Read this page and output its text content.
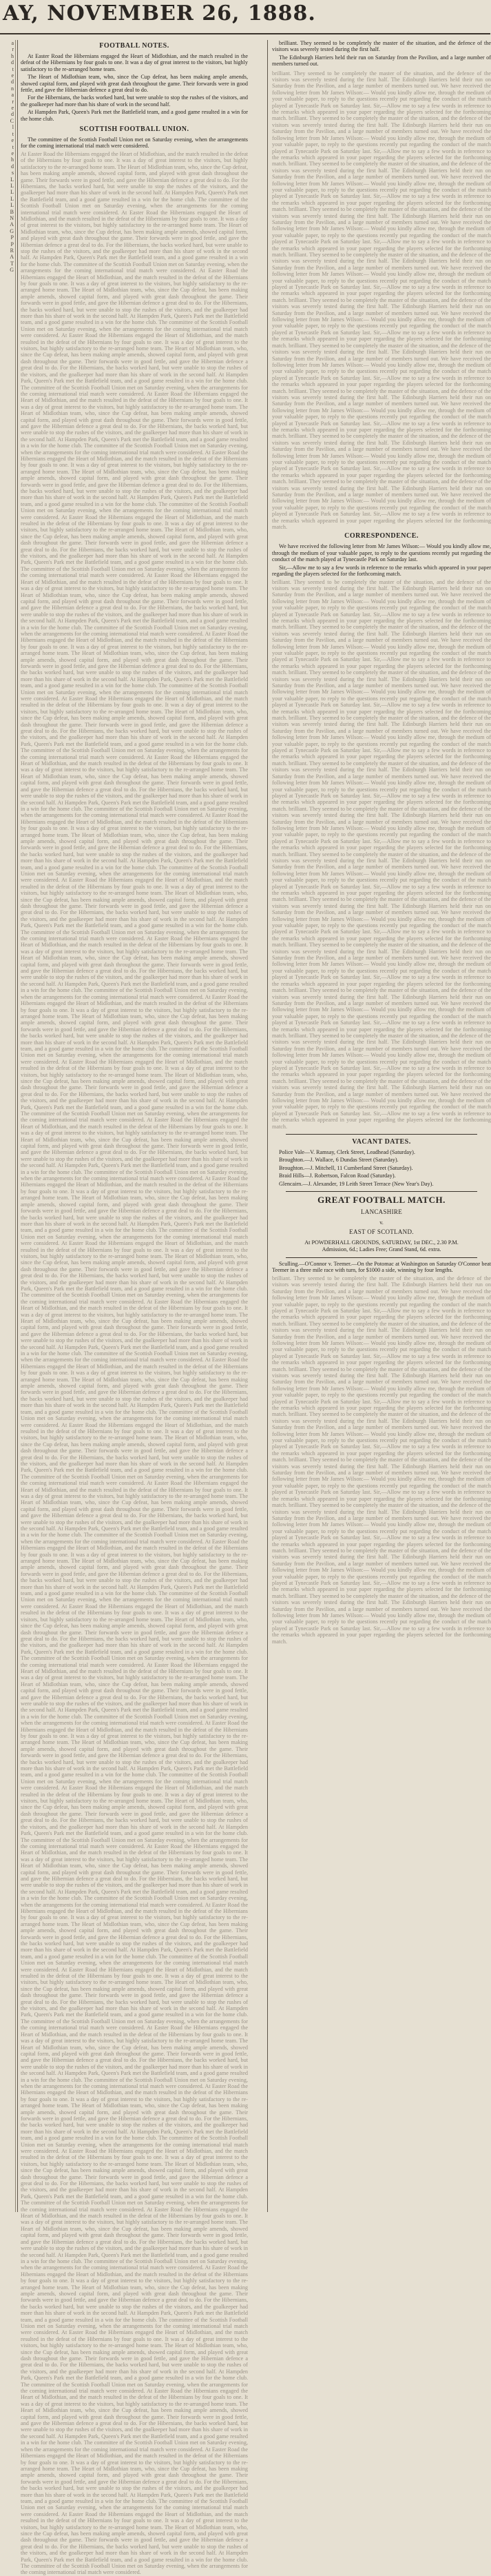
AY, NOVEMBER 26, 1888.
a
r
h
d
t
e
d
n
a
r
e
d
C
l
t
e
t
e
h
d
s
L
L
L
L
L
B
N
A
G
P
P
R
A
T
G
FOOTBALL NOTES.

At Easter Road the Hibernians engaged the Heart of Midlothian, and the match resulted in the defeat of the Hibernians by four goals to one. It was a day of great interest to the visitors, but highly satisfactory to the re-arranged home team.

The Heart of Midlothian team, who, since the Cup defeat, has been making ample amends, showed capital form, and played with great dash throughout the game. Their forwards were in good fettle, and gave the Hibernian defence a great deal to do.

For the Hibernians, the backs worked hard, but were unable to stop the rushes of the visitors, and the goalkeeper had more than his share of work in the second half.

At Hampden Park, Queen's Park met the Battlefield team, and a good game resulted in a win for the home club.

SCOTTISH FOOTBALL UNION.

The committee of the Scottish Football Union met on Saturday evening, when the arrangements for the coming international trial match were considered.

At Easter Road the Hibernians engaged the Heart of Midlothian, and the match resulted in the defeat of the Hibernians by four goals to one. It was a day of great interest to the visitors, but highly satisfactory to the re-arranged home team. The Heart of Midlothian team, who, since the Cup defeat, has been making ample amends, showed capital form, and played with great dash throughout the game. Their forwards were in good fettle, and gave the Hibernian defence a great deal to do. For the Hibernians, the backs worked hard, but were unable to stop the rushes of the visitors, and the goalkeeper had more than his share of work in the second half. At Hampden Park, Queen's Park met the Battlefield team, and a good game resulted in a win for the home club. The committee of the Scottish Football Union met on Saturday evening, when the arrangements for the coming international trial match were considered. At Easter Road the Hibernians engaged the Heart of Midlothian, and the match resulted in the defeat of the Hibernians by four goals to one. It was a day of great interest to the visitors, but highly satisfactory to the re-arranged home team. The Heart of Midlothian team, who, since the Cup defeat, has been making ample amends, showed capital form, and played with great dash throughout the game. Their forwards were in good fettle, and gave the Hibernian defence a great deal to do. For the Hibernians, the backs worked hard, but were unable to stop the rushes of the visitors, and the goalkeeper had more than his share of work in the second half. At Hampden Park, Queen's Park met the Battlefield team, and a good game resulted in a win for the home club. The committee of the Scottish Football Union met on Saturday evening, when the arrangements for the coming international trial match were considered. At Easter Road the Hibernians engaged the Heart of Midlothian, and the match resulted in the defeat of the Hibernians by four goals to one. It was a day of great interest to the visitors, but highly satisfactory to the re-arranged home team. The Heart of Midlothian team, who, since the Cup defeat, has been making ample amends, showed capital form, and played with great dash throughout the game. Their forwards were in good fettle, and gave the Hibernian defence a great deal to do. For the Hibernians, the backs worked hard, but were unable to stop the rushes of the visitors, and the goalkeeper had more than his share of work in the second half. At Hampden Park, Queen's Park met the Battlefield team, and a good game resulted in a win for the home club. The committee of the Scottish Football Union met on Saturday evening, when the arrangements for the coming international trial match were considered. At Easter Road the Hibernians engaged the Heart of Midlothian, and the match resulted in the defeat of the Hibernians by four goals to one. It was a day of great interest to the visitors, but highly satisfactory to the re-arranged home team. The Heart of Midlothian team, who, since the Cup defeat, has been making ample amends, showed capital form, and played with great dash throughout the game. Their forwards were in good fettle, and gave the Hibernian defence a great deal to do. For the Hibernians, the backs worked hard, but were unable to stop the rushes of the visitors, and the goalkeeper had more than his share of work in the second half. At Hampden Park, Queen's Park met the Battlefield team, and a good game resulted in a win for the home club. The committee of the Scottish Football Union met on Saturday evening, when the arrangements for the coming international trial match were considered. At Easter Road the Hibernians engaged the Heart of Midlothian, and the match resulted in the defeat of the Hibernians by four goals to one. It was a day of great interest to the visitors, but highly satisfactory to the re-arranged home team. The Heart of Midlothian team, who, since the Cup defeat, has been making ample amends, showed capital form, and played with great dash throughout the game. Their forwards were in good fettle, and gave the Hibernian defence a great deal to do. For the Hibernians, the backs worked hard, but were unable to stop the rushes of the visitors, and the goalkeeper had more than his share of work in the second half. At Hampden Park, Queen's Park met the Battlefield team, and a good game resulted in a win for the home club. The committee of the Scottish Football Union met on Saturday evening, when the arrangements for the coming international trial match were considered. At Easter Road the Hibernians engaged the Heart of Midlothian, and the match resulted in the defeat of the Hibernians by four goals to one. It was a day of great interest to the visitors, but highly satisfactory to the re-arranged home team. The Heart of Midlothian team, who, since the Cup defeat, has been making ample amends, showed capital form, and played with great dash throughout the game. Their forwards were in good fettle, and gave the Hibernian defence a great deal to do. For the Hibernians, the backs worked hard, but were unable to stop the rushes of the visitors, and the goalkeeper had more than his share of work in the second half. At Hampden Park, Queen's Park met the Battlefield team, and a good game resulted in a win for the home club. The committee of the Scottish Football Union met on Saturday evening, when the arrangements for the coming international trial match were considered. At Easter Road the Hibernians engaged the Heart of Midlothian, and the match resulted in the defeat of the Hibernians by four goals to one. It was a day of great interest to the visitors, but highly satisfactory to the re-arranged home team. The Heart of Midlothian team, who, since the Cup defeat, has been making ample amends, showed capital form, and played with great dash throughout the game. Their forwards were in good fettle, and gave the Hibernian defence a great deal to do. For the Hibernians, the backs worked hard, but were unable to stop the rushes of the visitors, and the goalkeeper had more than his share of work in the second half. At Hampden Park, Queen's Park met the Battlefield team, and a good game resulted in a win for the home club. The committee of the Scottish Football Union met on Saturday evening, when the arrangements for the coming international trial match were considered. At Easter Road the Hibernians engaged the Heart of Midlothian, and the match resulted in the defeat of the Hibernians by four goals to one. It was a day of great interest to the visitors, but highly satisfactory to the re-arranged home team. The Heart of Midlothian team, who, since the Cup defeat, has been making ample amends, showed capital form, and played with great dash throughout the game. Their forwards were in good fettle, and gave the Hibernian defence a great deal to do. For the Hibernians, the backs worked hard, but were unable to stop the rushes of the visitors, and the goalkeeper had more than his share of work in the second half. At Hampden Park, Queen's Park met the Battlefield team, and a good game resulted in a win for the home club. The committee of the Scottish Football Union met on Saturday evening, when the arrangements for the coming international trial match were considered. At Easter Road the Hibernians engaged the Heart of Midlothian, and the match resulted in the defeat of the Hibernians by four goals to one. It was a day of great interest to the visitors, but highly satisfactory to the re-arranged home team. The Heart of Midlothian team, who, since the Cup defeat, has been making ample amends, showed capital form, and played with great dash throughout the game. Their forwards were in good fettle, and gave the Hibernian defence a great deal to do. For the Hibernians, the backs worked hard, but were unable to stop the rushes of the visitors, and the goalkeeper had more than his share of work in the second half. At Hampden Park, Queen's Park met the Battlefield team, and a good game resulted in a win for the home club. The committee of the Scottish Football Union met on Saturday evening, when the arrangements for the coming international trial match were considered. At Easter Road the Hibernians engaged the Heart of Midlothian, and the match resulted in the defeat of the Hibernians by four goals to one. It was a day of great interest to the visitors, but highly satisfactory to the re-arranged home team. The Heart of Midlothian team, who, since the Cup defeat, has been making ample amends, showed capital form, and played with great dash throughout the game. Their forwards were in good fettle, and gave the Hibernian defence a great deal to do. For the Hibernians, the backs worked hard, but were unable to stop the rushes of the visitors, and the goalkeeper had more than his share of work in the second half. At Hampden Park, Queen's Park met the Battlefield team, and a good game resulted in a win for the home club. The committee of the Scottish Football Union met on Saturday evening, when the arrangements for the coming international trial match were considered. At Easter Road the Hibernians engaged the Heart of Midlothian, and the match resulted in the defeat of the Hibernians by four goals to one. It was a day of great interest to the visitors, but highly satisfactory to the re-arranged home team. The Heart of Midlothian team, who, since the Cup defeat, has been making ample amends, showed capital form, and played with great dash throughout the game. Their forwards were in good fettle, and gave the Hibernian defence a great deal to do. For the Hibernians, the backs worked hard, but were unable to stop the rushes of the visitors, and the goalkeeper had more than his share of work in the second half. At Hampden Park, Queen's Park met the Battlefield team, and a good game resulted in a win for the home club. The committee of the Scottish Football Union met on Saturday evening, when the arrangements for the coming international trial match were considered. At Easter Road the Hibernians engaged the Heart of Midlothian, and the match resulted in the defeat of the Hibernians by four goals to one. It was a day of great interest to the visitors, but highly satisfactory to the re-arranged home team. The Heart of Midlothian team, who, since the Cup defeat, has been making ample amends, showed capital form, and played with great dash throughout the game. Their forwards were in good fettle, and gave the Hibernian defence a great deal to do. For the Hibernians, the backs worked hard, but were unable to stop the rushes of the visitors, and the goalkeeper had more than his share of work in the second half. At Hampden Park, Queen's Park met the Battlefield team, and a good game resulted in a win for the home club. The committee of the Scottish Football Union met on Saturday evening, when the arrangements for the coming international trial match were considered. At Easter Road the Hibernians engaged the Heart of Midlothian, and the match resulted in the defeat of the Hibernians by four goals to one. It was a day of great interest to the visitors, but highly satisfactory to the re-arranged home team. The Heart of Midlothian team, who, since the Cup defeat, has been making ample amends, showed capital form, and played with great dash throughout the game. Their forwards were in good fettle, and gave the Hibernian defence a great deal to do. For the Hibernians, the backs worked hard, but were unable to stop the rushes of the visitors, and the goalkeeper had more than his share of work in the second half. At Hampden Park, Queen's Park met the Battlefield team, and a good game resulted in a win for the home club. The committee of the Scottish Football Union met on Saturday evening, when the arrangements for the coming international trial match were considered. At Easter Road the Hibernians engaged the Heart of Midlothian, and the match resulted in the defeat of the Hibernians by four goals to one. It was a day of great interest to the visitors, but highly satisfactory to the re-arranged home team. The Heart of Midlothian team, who, since the Cup defeat, has been making ample amends, showed capital form, and played with great dash throughout the game. Their forwards were in good fettle, and gave the Hibernian defence a great deal to do. For the Hibernians, the backs worked hard, but were unable to stop the rushes of the visitors, and the goalkeeper had more than his share of work in the second half. At Hampden Park, Queen's Park met the Battlefield team, and a good game resulted in a win for the home club. The committee of the Scottish Football Union met on Saturday evening, when the arrangements for the coming international trial match were considered. At Easter Road the Hibernians engaged the Heart of Midlothian, and the match resulted in the defeat of the Hibernians by four goals to one. It was a day of great interest to the visitors, but highly satisfactory to the re-arranged home team. The Heart of Midlothian team, who, since the Cup defeat, has been making ample amends, showed capital form, and played with great dash throughout the game. Their forwards were in good fettle, and gave the Hibernian defence a great deal to do. For the Hibernians, the backs worked hard, but were unable to stop the rushes of the visitors, and the goalkeeper had more than his share of work in the second half. At Hampden Park, Queen's Park met the Battlefield team, and a good game resulted in a win for the home club. The committee of the Scottish Football Union met on Saturday evening, when the arrangements for the coming international trial match were considered. At Easter Road the Hibernians engaged the Heart of Midlothian, and the match resulted in the defeat of the Hibernians by four goals to one. It was a day of great interest to the visitors, but highly satisfactory to the re-arranged home team. The Heart of Midlothian team, who, since the Cup defeat, has been making ample amends, showed capital form, and played with great dash throughout the game. Their forwards were in good fettle, and gave the Hibernian defence a great deal to do. For the Hibernians, the backs worked hard, but were unable to stop the rushes of the visitors, and the goalkeeper had more than his share of work in the second half. At Hampden Park, Queen's Park met the Battlefield team, and a good game resulted in a win for the home club. The committee of the Scottish Football Union met on Saturday evening, when the arrangements for the coming international trial match were considered. At Easter Road the Hibernians engaged the Heart of Midlothian, and the match resulted in the defeat of the Hibernians by four goals to one. It was a day of great interest to the visitors, but highly satisfactory to the re-arranged home team. The Heart of Midlothian team, who, since the Cup defeat, has been making ample amends, showed capital form, and played with great dash throughout the game. Their forwards were in good fettle, and gave the Hibernian defence a great deal to do. For the Hibernians, the backs worked hard, but were unable to stop the rushes of the visitors, and the goalkeeper had more than his share of work in the second half. At Hampden Park, Queen's Park met the Battlefield team, and a good game resulted in a win for the home club. The committee of the Scottish Football Union met on Saturday evening, when the arrangements for the coming international trial match were considered. At Easter Road the Hibernians engaged the Heart of Midlothian, and the match resulted in the defeat of the Hibernians by four goals to one. It was a day of great interest to the visitors, but highly satisfactory to the re-arranged home team. The Heart of Midlothian team, who, since the Cup defeat, has been making ample amends, showed capital form, and played with great dash throughout the game. Their forwards were in good fettle, and gave the Hibernian defence a great deal to do. For the Hibernians, the backs worked hard, but were unable to stop the rushes of the visitors, and the goalkeeper had more than his share of work in the second half. At Hampden Park, Queen's Park met the Battlefield team, and a good game resulted in a win for the home club. The committee of the Scottish Football Union met on Saturday evening, when the arrangements for the coming international trial match were considered. At Easter Road the Hibernians engaged the Heart of Midlothian, and the match resulted in the defeat of the Hibernians by four goals to one. It was a day of great interest to the visitors, but highly satisfactory to the re-arranged home team. The Heart of Midlothian team, who, since the Cup defeat, has been making ample amends, showed capital form, and played with great dash throughout the game. Their forwards were in good fettle, and gave the Hibernian defence a great deal to do. For the Hibernians, the backs worked hard, but were unable to stop the rushes of the visitors, and the goalkeeper had more than his share of work in the second half. At Hampden Park, Queen's Park met the Battlefield team, and a good game resulted in a win for the home club. The committee of the Scottish Football Union met on Saturday evening, when the arrangements for the coming international trial match were considered. At Easter Road the Hibernians engaged the Heart of Midlothian, and the match resulted in the defeat of the Hibernians by four goals to one. It was a day of great interest to the visitors, but highly satisfactory to the re-arranged home team. The Heart of Midlothian team, who, since the Cup defeat, has been making ample amends, showed capital form, and played with great dash throughout the game. Their forwards were in good fettle, and gave the Hibernian defence a great deal to do. For the Hibernians, the backs worked hard, but were unable to stop the rushes of the visitors, and the goalkeeper had more than his share of work in the second half. At Hampden Park, Queen's Park met the Battlefield team, and a good game resulted in a win for the home club. The committee of the Scottish Football Union met on Saturday evening, when the arrangements for the coming international trial match were considered. At Easter Road the Hibernians engaged the Heart of Midlothian, and the match resulted in the defeat of the Hibernians by four goals to one. It was a day of great interest to the visitors, but highly satisfactory to the re-arranged home team. The Heart of Midlothian team, who, since the Cup defeat, has been making ample amends, showed capital form, and played with great dash throughout the game. Their forwards were in good fettle, and gave the Hibernian defence a great deal to do. For the Hibernians, the backs worked hard, but were unable to stop the rushes of the visitors, and the goalkeeper had more than his share of work in the second half. At Hampden Park, Queen's Park met the Battlefield team, and a good game resulted in a win for the home club. The committee of the Scottish Football Union met on Saturday evening, when the arrangements for the coming international trial match were considered. At Easter Road the Hibernians engaged the Heart of Midlothian, and the match resulted in the defeat of the Hibernians by four goals to one. It was a day of great interest to the visitors, but highly satisfactory to the re-arranged home team. The Heart of Midlothian team, who, since the Cup defeat, has been making ample amends, showed capital form, and played with great dash throughout the game. Their forwards were in good fettle, and gave the Hibernian defence a great deal to do. For the Hibernians, the backs worked hard, but were unable to stop the rushes of the visitors, and the goalkeeper had more than his share of work in the second half. At Hampden Park, Queen's Park met the Battlefield team, and a good game resulted in a win for the home club. The committee of the Scottish Football Union met on Saturday evening, when the arrangements for the coming international trial match were considered. At Easter Road the Hibernians engaged the Heart of Midlothian, and the match resulted in the defeat of the Hibernians by four goals to one. It was a day of great interest to the visitors, but highly satisfactory to the re-arranged home team. The Heart of Midlothian team, who, since the Cup defeat, has been making ample amends, showed capital form, and played with great dash throughout the game. Their forwards were in good fettle, and gave the Hibernian defence a great deal to do. For the Hibernians, the backs worked hard, but were unable to stop the rushes of the visitors, and the goalkeeper had more than his share of work in the second half. At Hampden Park, Queen's Park met the Battlefield team, and a good game resulted in a win for the home club. The committee of the Scottish Football Union met on Saturday evening, when the arrangements for the coming international trial match were considered. At Easter Road the Hibernians engaged the Heart of Midlothian, and the match resulted in the defeat of the Hibernians by four goals to one. It was a day of great interest to the visitors, but highly satisfactory to the re-arranged home team. The Heart of Midlothian team, who, since the Cup defeat, has been making ample amends, showed capital form, and played with great dash throughout the game. Their forwards were in good fettle, and gave the Hibernian defence a great deal to do. For the Hibernians, the backs worked hard, but were unable to stop the rushes of the visitors, and the goalkeeper had more than his share of work in the second half. At Hampden Park, Queen's Park met the Battlefield team, and a good game resulted in a win for the home club. The committee of the Scottish Football Union met on Saturday evening, when the arrangements for the coming international trial match were considered. At Easter Road the Hibernians engaged the Heart of Midlothian, and the match resulted in the defeat of the Hibernians by four goals to one. It was a day of great interest to the visitors, but highly satisfactory to the re-arranged home team. The Heart of Midlothian team, who, since the Cup defeat, has been making ample amends, showed capital form, and played with great dash throughout the game. Their forwards were in good fettle, and gave the Hibernian defence a great deal to do. For the Hibernians, the backs worked hard, but were unable to stop the rushes of the visitors, and the goalkeeper had more than his share of work in the second half. At Hampden Park, Queen's Park met the Battlefield team, and a good game resulted in a win for the home club. The committee of the Scottish Football Union met on Saturday evening, when the arrangements for the coming international trial match were considered. At Easter Road the Hibernians engaged the Heart of Midlothian, and the match resulted in the defeat of the Hibernians by four goals to one. It was a day of great interest to the visitors, but highly satisfactory to the re-arranged home team. The Heart of Midlothian team, who, since the Cup defeat, has been making ample amends, showed capital form, and played with great dash throughout the game. Their forwards were in good fettle, and gave the Hibernian defence a great deal to do. For the Hibernians, the backs worked hard, but were unable to stop the rushes of the visitors, and the goalkeeper had more than his share of work in the second half. At Hampden Park, Queen's Park met the Battlefield team, and a good game resulted in a win for the home club. The committee of the Scottish Football Union met on Saturday evening, when the arrangements for the coming international trial match were considered. At Easter Road the Hibernians engaged the Heart of Midlothian, and the match resulted in the defeat of the Hibernians by four goals to one. It was a day of great interest to the visitors, but highly satisfactory to the re-arranged home team. The Heart of Midlothian team, who, since the Cup defeat, has been making ample amends, showed capital form, and played with great dash throughout the game. Their forwards were in good fettle, and gave the Hibernian defence a great deal to do. For the Hibernians, the backs worked hard, but were unable to stop the rushes of the visitors, and the goalkeeper had more than his share of work in the second half. At Hampden Park, Queen's Park met the Battlefield team, and a good game resulted in a win for the home club. The committee of the Scottish Football Union met on Saturday evening, when the arrangements for the coming international trial match were considered. At Easter Road the Hibernians engaged the Heart of Midlothian, and the match resulted in the defeat of the Hibernians by four goals to one. It was a day of great interest to the visitors, but highly satisfactory to the re-arranged home team. The Heart of Midlothian team, who, since the Cup defeat, has been making ample amends, showed capital form, and played with great dash throughout the game. Their forwards were in good fettle, and gave the Hibernian defence a great deal to do. For the Hibernians, the backs worked hard, but were unable to stop the rushes of the visitors, and the goalkeeper had more than his share of work in the second half. At Hampden Park, Queen's Park met the Battlefield team, and a good game resulted in a win for the home club. The committee of the Scottish Football Union met on Saturday evening, when the arrangements for the coming international trial match were considered. At Easter Road the Hibernians engaged the Heart of Midlothian, and the match resulted in the defeat of the Hibernians by four goals to one. It was a day of great interest to the visitors, but highly satisfactory to the re-arranged home team. The Heart of Midlothian team, who, since the Cup defeat, has been making ample amends, showed capital form, and played with great dash throughout the game. Their forwards were in good fettle, and gave the Hibernian defence a great deal to do. For the Hibernians, the backs worked hard, but were unable to stop the rushes of the visitors, and the goalkeeper had more than his share of work in the second half. At Hampden Park, Queen's Park met the Battlefield team, and a good game resulted in a win for the home club. The committee of the Scottish Football Union met on Saturday evening, when the arrangements for the coming international trial match were considered. At Easter Road the Hibernians engaged the Heart of Midlothian, and the match resulted in the defeat of the Hibernians by four goals to one. It was a day of great interest to the visitors, but highly satisfactory to the re-arranged home team. The Heart of Midlothian team, who, since the Cup defeat, has been making ample amends, showed capital form, and played with great dash throughout the game. Their forwards were in good fettle, and gave the Hibernian defence a great deal to do. For the Hibernians, the backs worked hard, but were unable to stop the rushes of the visitors, and the goalkeeper had more than his share of work in the second half. At Hampden Park, Queen's Park met the Battlefield team, and a good game resulted in a win for the home club. The committee of the Scottish Football Union met on Saturday evening, when the arrangements for the coming international trial match were considered. At Easter Road the Hibernians engaged the Heart of Midlothian, and the match resulted in the defeat of the Hibernians by four goals to one. It was a day of great interest to the visitors, but highly satisfactory to the re-arranged home team. The Heart of Midlothian team, who, since the Cup defeat, has been making ample amends, showed capital form, and played with great dash throughout the game. Their forwards were in good fettle, and gave the Hibernian defence a great deal to do. For the Hibernians, the backs worked hard, but were unable to stop the rushes of the visitors, and the goalkeeper had more than his share of work in the second half. At Hampden Park, Queen's Park met the Battlefield team, and a good game resulted in a win for the home club. The committee of the Scottish Football Union met on Saturday evening, when the arrangements for the coming international trial match were considered. At Easter Road the Hibernians engaged the Heart of Midlothian, and the match resulted in the defeat of the Hibernians by four goals to one. It was a day of great interest to the visitors, but highly satisfactory to the re-arranged home team. The Heart of Midlothian team, who, since the Cup defeat, has been making ample amends, showed capital form, and played with great dash throughout the game. Their forwards were in good fettle, and gave the Hibernian defence a great deal to do. For the Hibernians, the backs worked hard, but were unable to stop the rushes of the visitors, and the goalkeeper had more than his share of work in the second half. At Hampden Park, Queen's Park met the Battlefield team, and a good game resulted in a win for the home club. The committee of the Scottish Football Union met on Saturday evening, when the arrangements for the coming international trial match were considered. At Easter Road the Hibernians engaged the Heart of Midlothian, and the match resulted in the defeat of the Hibernians by four goals to one. It was a day of great interest to the visitors, but highly satisfactory to the re-arranged home team. The Heart of Midlothian team, who, since the Cup defeat, has been making ample amends, showed capital form, and played with great dash throughout the game. Their forwards were in good fettle, and gave the Hibernian defence a great deal to do. For the Hibernians, the backs worked hard, but were unable to stop the rushes of the visitors, and the goalkeeper had more than his share of work in the second half. At Hampden Park, Queen's Park met the Battlefield team, and a good game resulted in a win for the home club. The committee of the Scottish Football Union met on Saturday evening, when the arrangements for the coming international trial match were considered. At Easter Road the Hibernians engaged the Heart of Midlothian, and the match resulted in the defeat of the Hibernians by four goals to one. It was a day of great interest to the visitors, but highly satisfactory to the re-arranged home team. The Heart of Midlothian team, who, since the Cup defeat, has been making ample amends, showed capital form, and played with great dash throughout the game. Their forwards were in good fettle, and gave the Hibernian defence a great deal to do. For the Hibernians, the backs worked hard, but were unable to stop the rushes of the visitors, and the goalkeeper had more than his share of work in the second half. At Hampden Park, Queen's Park met the Battlefield team, and a good game resulted in a win for the home club. The committee of the Scottish Football Union met on Saturday evening, when the arrangements for the coming international trial match were considered. At Easter Road the Hibernians engaged the Heart of Midlothian, and the match resulted in the defeat of the Hibernians by four goals to one. It was a day of great interest to the visitors, but highly satisfactory to the re-arranged home team. The Heart of Midlothian team, who, since the Cup defeat, has been making ample amends, showed capital form, and played with great dash throughout the game. Their forwards were in good fettle, and gave the Hibernian defence a great deal to do. For the Hibernians, the backs worked hard, but were unable to stop the rushes of the visitors, and the goalkeeper had more than his share of work in the second half. At Hampden Park, Queen's Park met the Battlefield team, and a good game resulted in a win for the home club. The committee of the Scottish Football Union met on Saturday evening, when the arrangements for the coming international trial match were considered. At Easter Road the Hibernians engaged the Heart of Midlothian, and the match resulted in the defeat of the Hibernians by four goals to one. It was a day of great interest to the visitors, but highly satisfactory to the re-arranged home team. The Heart of Midlothian team, who, since the Cup defeat, has been making ample amends, showed capital form, and played with great dash throughout the game. Their forwards were in good fettle, and gave the Hibernian defence a great deal to do. For the Hibernians, the backs worked hard, but were unable to stop the rushes of the visitors, and the goalkeeper had more than his share of work in the second half. At Hampden Park, Queen's Park met the Battlefield team, and a good game resulted in a win for the home club. The committee of the Scottish Football Union met on Saturday evening, when the arrangements for the coming international trial match were considered. At Easter Road the Hibernians engaged the Heart of Midlothian, and the match resulted in the defeat of the Hibernians by four goals to one. It was a day of great interest to the visitors, but highly satisfactory to the re-arranged home team. The Heart of Midlothian team, who, since the Cup defeat, has been making ample amends, showed capital form, and played with great dash throughout the game. Their forwards were in good fettle, and gave the Hibernian defence a great deal to do. For the Hibernians, the backs worked hard, but were unable to stop the rushes of the visitors, and the goalkeeper had more than his share of work in the second half. At Hampden Park, Queen's Park met the Battlefield team, and a good game resulted in a win for the home club. The committee of the Scottish Football Union met on Saturday evening, when the arrangements for the coming international trial match were considered. At Easter Road the Hibernians engaged the Heart of Midlothian, and the match resulted in the defeat of the Hibernians by four goals to one. It was a day of great interest to the visitors, but highly satisfactory to the re-arranged home team. The Heart of Midlothian team, who, since the Cup defeat, has been making ample amends, showed capital form, and played with great dash throughout the game. Their forwards were in good fettle, and gave the Hibernian defence a great deal to do. For the Hibernians, the backs worked hard, but were unable to stop the rushes of the visitors, and the goalkeeper had more than his share of work in the second half. At Hampden Park, Queen's Park met the Battlefield team, and a good game resulted in a win for the home club. The committee of the Scottish Football Union met on Saturday evening, when the arrangements for the coming international trial match were considered. At Easter Road the Hibernians engaged the Heart of Midlothian, and the match resulted in the defeat of the Hibernians by four goals to one. It was a day of great interest to the visitors, but highly satisfactory to the re-arranged home team. The Heart of Midlothian team, who, since the Cup defeat, has been making ample amends, showed capital form, and played with great dash throughout the game. Their forwards were in good fettle, and gave the Hibernian defence a great deal to do. For the Hibernians, the backs worked hard, but were unable to stop the rushes of the visitors, and the goalkeeper had more than his share of work in the second half. At Hampden Park, Queen's Park met the Battlefield team, and a good game resulted in a win for the home club. The committee of the Scottish Football Union met on Saturday evening, when the arrangements for the coming international trial match were considered. At Easter Road the Hibernians engaged the Heart of Midlothian, and the match resulted in the defeat of the Hibernians by four goals to one. It was a day of great interest to the visitors, but highly satisfactory to the re-arranged home team. The Heart of Midlothian team, who, since the Cup defeat, has been making ample amends, showed capital form, and played with great dash throughout the game. Their forwards were in good fettle, and gave the Hibernian defence a great deal to do. For the Hibernians, the backs worked hard, but were unable to stop the rushes of the visitors, and the goalkeeper had more than his share of work in the second half. At Hampden Park, Queen's Park met the Battlefield team, and a good game resulted in a win for the home club. The committee of the Scottish Football Union met on Saturday evening, when the arrangements for the coming international trial match were considered.

brilliant. They seemed to be completely the master of the situation, and the defence of the visitors was severely tested during the first half.

The Edinburgh Harriers held their run on Saturday from the Pavilion, and a large number of members turned out.

brilliant. They seemed to be completely the master of the situation, and the defence of the visitors was severely tested during the first half. The Edinburgh Harriers held their run on Saturday from the Pavilion, and a large number of members turned out. We have received the following letter from Mr James Wilson:— Would you kindly allow me, through the medium of your valuable paper, to reply to the questions recently put regarding the conduct of the match played at Tynecastle Park on Saturday last. Sir,—Allow me to say a few words in reference to the remarks which appeared in your paper regarding the players selected for the forthcoming match. brilliant. They seemed to be completely the master of the situation, and the defence of the visitors was severely tested during the first half. The Edinburgh Harriers held their run on Saturday from the Pavilion, and a large number of members turned out. We have received the following letter from Mr James Wilson:— Would you kindly allow me, through the medium of your valuable paper, to reply to the questions recently put regarding the conduct of the match played at Tynecastle Park on Saturday last. Sir,—Allow me to say a few words in reference to the remarks which appeared in your paper regarding the players selected for the forthcoming match. brilliant. They seemed to be completely the master of the situation, and the defence of the visitors was severely tested during the first half. The Edinburgh Harriers held their run on Saturday from the Pavilion, and a large number of members turned out. We have received the following letter from Mr James Wilson:— Would you kindly allow me, through the medium of your valuable paper, to reply to the questions recently put regarding the conduct of the match played at Tynecastle Park on Saturday last. Sir,—Allow me to say a few words in reference to the remarks which appeared in your paper regarding the players selected for the forthcoming match. brilliant. They seemed to be completely the master of the situation, and the defence of the visitors was severely tested during the first half. The Edinburgh Harriers held their run on Saturday from the Pavilion, and a large number of members turned out. We have received the following letter from Mr James Wilson:— Would you kindly allow me, through the medium of your valuable paper, to reply to the questions recently put regarding the conduct of the match played at Tynecastle Park on Saturday last. Sir,—Allow me to say a few words in reference to the remarks which appeared in your paper regarding the players selected for the forthcoming match. brilliant. They seemed to be completely the master of the situation, and the defence of the visitors was severely tested during the first half. The Edinburgh Harriers held their run on Saturday from the Pavilion, and a large number of members turned out. We have received the following letter from Mr James Wilson:— Would you kindly allow me, through the medium of your valuable paper, to reply to the questions recently put regarding the conduct of the match played at Tynecastle Park on Saturday last. Sir,—Allow me to say a few words in reference to the remarks which appeared in your paper regarding the players selected for the forthcoming match. brilliant. They seemed to be completely the master of the situation, and the defence of the visitors was severely tested during the first half. The Edinburgh Harriers held their run on Saturday from the Pavilion, and a large number of members turned out. We have received the following letter from Mr James Wilson:— Would you kindly allow me, through the medium of your valuable paper, to reply to the questions recently put regarding the conduct of the match played at Tynecastle Park on Saturday last. Sir,—Allow me to say a few words in reference to the remarks which appeared in your paper regarding the players selected for the forthcoming match. brilliant. They seemed to be completely the master of the situation, and the defence of the visitors was severely tested during the first half. The Edinburgh Harriers held their run on Saturday from the Pavilion, and a large number of members turned out. We have received the following letter from Mr James Wilson:— Would you kindly allow me, through the medium of your valuable paper, to reply to the questions recently put regarding the conduct of the match played at Tynecastle Park on Saturday last. Sir,—Allow me to say a few words in reference to the remarks which appeared in your paper regarding the players selected for the forthcoming match. brilliant. They seemed to be completely the master of the situation, and the defence of the visitors was severely tested during the first half. The Edinburgh Harriers held their run on Saturday from the Pavilion, and a large number of members turned out. We have received the following letter from Mr James Wilson:— Would you kindly allow me, through the medium of your valuable paper, to reply to the questions recently put regarding the conduct of the match played at Tynecastle Park on Saturday last. Sir,—Allow me to say a few words in reference to the remarks which appeared in your paper regarding the players selected for the forthcoming match. brilliant. They seemed to be completely the master of the situation, and the defence of the visitors was severely tested during the first half. The Edinburgh Harriers held their run on Saturday from the Pavilion, and a large number of members turned out. We have received the following letter from Mr James Wilson:— Would you kindly allow me, through the medium of your valuable paper, to reply to the questions recently put regarding the conduct of the match played at Tynecastle Park on Saturday last. Sir,—Allow me to say a few words in reference to the remarks which appeared in your paper regarding the players selected for the forthcoming match. brilliant. They seemed to be completely the master of the situation, and the defence of the visitors was severely tested during the first half. The Edinburgh Harriers held their run on Saturday from the Pavilion, and a large number of members turned out. We have received the following letter from Mr James Wilson:— Would you kindly allow me, through the medium of your valuable paper, to reply to the questions recently put regarding the conduct of the match played at Tynecastle Park on Saturday last. Sir,—Allow me to say a few words in reference to the remarks which appeared in your paper regarding the players selected for the forthcoming match.
CORRESPONDENCE.

We have received the following letter from Mr James Wilson:— Would you kindly allow me, through the medium of your valuable paper, to reply to the questions recently put regarding the conduct of the match played at Tynecastle Park on Saturday last.

Sir,—Allow me to say a few words in reference to the remarks which appeared in your paper regarding the players selected for the forthcoming match.

brilliant. They seemed to be completely the master of the situation, and the defence of the visitors was severely tested during the first half. The Edinburgh Harriers held their run on Saturday from the Pavilion, and a large number of members turned out. We have received the following letter from Mr James Wilson:— Would you kindly allow me, through the medium of your valuable paper, to reply to the questions recently put regarding the conduct of the match played at Tynecastle Park on Saturday last. Sir,—Allow me to say a few words in reference to the remarks which appeared in your paper regarding the players selected for the forthcoming match. brilliant. They seemed to be completely the master of the situation, and the defence of the visitors was severely tested during the first half. The Edinburgh Harriers held their run on Saturday from the Pavilion, and a large number of members turned out. We have received the following letter from Mr James Wilson:— Would you kindly allow me, through the medium of your valuable paper, to reply to the questions recently put regarding the conduct of the match played at Tynecastle Park on Saturday last. Sir,—Allow me to say a few words in reference to the remarks which appeared in your paper regarding the players selected for the forthcoming match. brilliant. They seemed to be completely the master of the situation, and the defence of the visitors was severely tested during the first half. The Edinburgh Harriers held their run on Saturday from the Pavilion, and a large number of members turned out. We have received the following letter from Mr James Wilson:— Would you kindly allow me, through the medium of your valuable paper, to reply to the questions recently put regarding the conduct of the match played at Tynecastle Park on Saturday last. Sir,—Allow me to say a few words in reference to the remarks which appeared in your paper regarding the players selected for the forthcoming match. brilliant. They seemed to be completely the master of the situation, and the defence of the visitors was severely tested during the first half. The Edinburgh Harriers held their run on Saturday from the Pavilion, and a large number of members turned out. We have received the following letter from Mr James Wilson:— Would you kindly allow me, through the medium of your valuable paper, to reply to the questions recently put regarding the conduct of the match played at Tynecastle Park on Saturday last. Sir,—Allow me to say a few words in reference to the remarks which appeared in your paper regarding the players selected for the forthcoming match. brilliant. They seemed to be completely the master of the situation, and the defence of the visitors was severely tested during the first half. The Edinburgh Harriers held their run on Saturday from the Pavilion, and a large number of members turned out. We have received the following letter from Mr James Wilson:— Would you kindly allow me, through the medium of your valuable paper, to reply to the questions recently put regarding the conduct of the match played at Tynecastle Park on Saturday last. Sir,—Allow me to say a few words in reference to the remarks which appeared in your paper regarding the players selected for the forthcoming match. brilliant. They seemed to be completely the master of the situation, and the defence of the visitors was severely tested during the first half. The Edinburgh Harriers held their run on Saturday from the Pavilion, and a large number of members turned out. We have received the following letter from Mr James Wilson:— Would you kindly allow me, through the medium of your valuable paper, to reply to the questions recently put regarding the conduct of the match played at Tynecastle Park on Saturday last. Sir,—Allow me to say a few words in reference to the remarks which appeared in your paper regarding the players selected for the forthcoming match. brilliant. They seemed to be completely the master of the situation, and the defence of the visitors was severely tested during the first half. The Edinburgh Harriers held their run on Saturday from the Pavilion, and a large number of members turned out. We have received the following letter from Mr James Wilson:— Would you kindly allow me, through the medium of your valuable paper, to reply to the questions recently put regarding the conduct of the match played at Tynecastle Park on Saturday last. Sir,—Allow me to say a few words in reference to the remarks which appeared in your paper regarding the players selected for the forthcoming match. brilliant. They seemed to be completely the master of the situation, and the defence of the visitors was severely tested during the first half. The Edinburgh Harriers held their run on Saturday from the Pavilion, and a large number of members turned out. We have received the following letter from Mr James Wilson:— Would you kindly allow me, through the medium of your valuable paper, to reply to the questions recently put regarding the conduct of the match played at Tynecastle Park on Saturday last. Sir,—Allow me to say a few words in reference to the remarks which appeared in your paper regarding the players selected for the forthcoming match. brilliant. They seemed to be completely the master of the situation, and the defence of the visitors was severely tested during the first half. The Edinburgh Harriers held their run on Saturday from the Pavilion, and a large number of members turned out. We have received the following letter from Mr James Wilson:— Would you kindly allow me, through the medium of your valuable paper, to reply to the questions recently put regarding the conduct of the match played at Tynecastle Park on Saturday last. Sir,—Allow me to say a few words in reference to the remarks which appeared in your paper regarding the players selected for the forthcoming match. brilliant. They seemed to be completely the master of the situation, and the defence of the visitors was severely tested during the first half. The Edinburgh Harriers held their run on Saturday from the Pavilion, and a large number of members turned out. We have received the following letter from Mr James Wilson:— Would you kindly allow me, through the medium of your valuable paper, to reply to the questions recently put regarding the conduct of the match played at Tynecastle Park on Saturday last. Sir,—Allow me to say a few words in reference to the remarks which appeared in your paper regarding the players selected for the forthcoming match. brilliant. They seemed to be completely the master of the situation, and the defence of the visitors was severely tested during the first half. The Edinburgh Harriers held their run on Saturday from the Pavilion, and a large number of members turned out. We have received the following letter from Mr James Wilson:— Would you kindly allow me, through the medium of your valuable paper, to reply to the questions recently put regarding the conduct of the match played at Tynecastle Park on Saturday last. Sir,—Allow me to say a few words in reference to the remarks which appeared in your paper regarding the players selected for the forthcoming match. brilliant. They seemed to be completely the master of the situation, and the defence of the visitors was severely tested during the first half. The Edinburgh Harriers held their run on Saturday from the Pavilion, and a large number of members turned out. We have received the following letter from Mr James Wilson:— Would you kindly allow me, through the medium of your valuable paper, to reply to the questions recently put regarding the conduct of the match played at Tynecastle Park on Saturday last. Sir,—Allow me to say a few words in reference to the remarks which appeared in your paper regarding the players selected for the forthcoming match.
VACANT DATES.

Police Vale—V. Ramsay, Clerk Street, Leadhead (Saturday).

Broughton.—J. Wallace, 6 Dundas Street (Saturday).

Broughton.—J. Mitchell, 11 Cumberland Street (Saturday).

Braid Hills—J. Robertson, Falcon Road (Saturday).

Glencairn.—J. Alexander, 19 Leith Street Terrace (New Year's Day).

GREAT FOOTBALL MATCH.
LANCASHIRE
v.
EAST OF SCOTLAND.
At POWDERHALL GROUNDS, SATURDAY, 1st DEC., 2.30 P.M.
Admission, 6d.; Ladies Free; Grand Stand, 6d. extra.

Sculling.—O'Connor v. Teemer.—On the Potomac at Washington on Saturday O'Connor beat Teemer in a three mile race with turn, for $1000 a side, winning by four lengths.

brilliant. They seemed to be completely the master of the situation, and the defence of the visitors was severely tested during the first half. The Edinburgh Harriers held their run on Saturday from the Pavilion, and a large number of members turned out. We have received the following letter from Mr James Wilson:— Would you kindly allow me, through the medium of your valuable paper, to reply to the questions recently put regarding the conduct of the match played at Tynecastle Park on Saturday last. Sir,—Allow me to say a few words in reference to the remarks which appeared in your paper regarding the players selected for the forthcoming match. brilliant. They seemed to be completely the master of the situation, and the defence of the visitors was severely tested during the first half. The Edinburgh Harriers held their run on Saturday from the Pavilion, and a large number of members turned out. We have received the following letter from Mr James Wilson:— Would you kindly allow me, through the medium of your valuable paper, to reply to the questions recently put regarding the conduct of the match played at Tynecastle Park on Saturday last. Sir,—Allow me to say a few words in reference to the remarks which appeared in your paper regarding the players selected for the forthcoming match. brilliant. They seemed to be completely the master of the situation, and the defence of the visitors was severely tested during the first half. The Edinburgh Harriers held their run on Saturday from the Pavilion, and a large number of members turned out. We have received the following letter from Mr James Wilson:— Would you kindly allow me, through the medium of your valuable paper, to reply to the questions recently put regarding the conduct of the match played at Tynecastle Park on Saturday last. Sir,—Allow me to say a few words in reference to the remarks which appeared in your paper regarding the players selected for the forthcoming match. brilliant. They seemed to be completely the master of the situation, and the defence of the visitors was severely tested during the first half. The Edinburgh Harriers held their run on Saturday from the Pavilion, and a large number of members turned out. We have received the following letter from Mr James Wilson:— Would you kindly allow me, through the medium of your valuable paper, to reply to the questions recently put regarding the conduct of the match played at Tynecastle Park on Saturday last. Sir,—Allow me to say a few words in reference to the remarks which appeared in your paper regarding the players selected for the forthcoming match. brilliant. They seemed to be completely the master of the situation, and the defence of the visitors was severely tested during the first half. The Edinburgh Harriers held their run on Saturday from the Pavilion, and a large number of members turned out. We have received the following letter from Mr James Wilson:— Would you kindly allow me, through the medium of your valuable paper, to reply to the questions recently put regarding the conduct of the match played at Tynecastle Park on Saturday last. Sir,—Allow me to say a few words in reference to the remarks which appeared in your paper regarding the players selected for the forthcoming match. brilliant. They seemed to be completely the master of the situation, and the defence of the visitors was severely tested during the first half. The Edinburgh Harriers held their run on Saturday from the Pavilion, and a large number of members turned out. We have received the following letter from Mr James Wilson:— Would you kindly allow me, through the medium of your valuable paper, to reply to the questions recently put regarding the conduct of the match played at Tynecastle Park on Saturday last. Sir,—Allow me to say a few words in reference to the remarks which appeared in your paper regarding the players selected for the forthcoming match. brilliant. They seemed to be completely the master of the situation, and the defence of the visitors was severely tested during the first half. The Edinburgh Harriers held their run on Saturday from the Pavilion, and a large number of members turned out. We have received the following letter from Mr James Wilson:— Would you kindly allow me, through the medium of your valuable paper, to reply to the questions recently put regarding the conduct of the match played at Tynecastle Park on Saturday last. Sir,—Allow me to say a few words in reference to the remarks which appeared in your paper regarding the players selected for the forthcoming match. brilliant. They seemed to be completely the master of the situation, and the defence of the visitors was severely tested during the first half. The Edinburgh Harriers held their run on Saturday from the Pavilion, and a large number of members turned out. We have received the following letter from Mr James Wilson:— Would you kindly allow me, through the medium of your valuable paper, to reply to the questions recently put regarding the conduct of the match played at Tynecastle Park on Saturday last. Sir,—Allow me to say a few words in reference to the remarks which appeared in your paper regarding the players selected for the forthcoming match.
